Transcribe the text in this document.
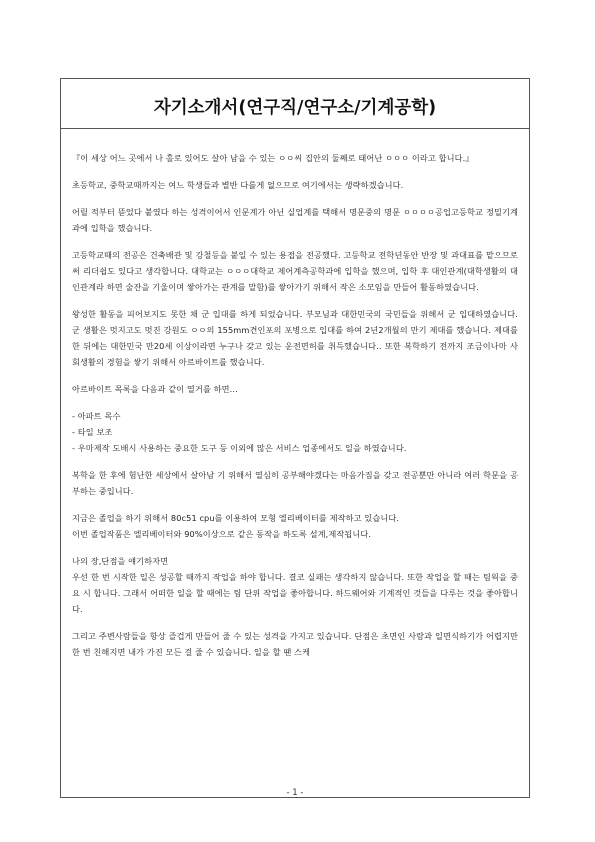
자기소개서(연구직/연구소/기계공학)

『이 세상 어느 곳에서 나 홀로 있어도 살아 남을 수 있는 ㅇㅇ씨 집안의 둘째로 태어난 ㅇㅇㅇ 이라고 합니다.』

초등학교, 중학교때까지는 여느 학생들과 별반 다를게 없으므로 여기에서는 생략하겠습니다.

어릴 적부터 뜯었다 붙였다 하는 성격이어서 인문계가 아닌 실업계를 택해서 명문중의 명문 ㅇㅇㅇㅇ공업고등학교 정밀기계과에 입학을 했습니다.

고등학교때의 전공은 건축배관 및 강철등을 붙일 수 있는 용접을 전공했다. 고등학교 전학년동안 반장 및 과대표를 맡으므로써 리더쉽도 있다고 생각합니다. 대학교는 ㅇㅇㅇ대학교 제어계측공학과에 입학을 했으며, 입학 후 대인관계(대학생활의 대인관계라 하면 술잔을 기울이며 쌓아가는 관계를 말함)를 쌓아가기 위해서 작은 소모임을 만들어 활동하였습니다.

왕성한 활동을 피어보지도 못한 채 군 입대를 하게 되었습니다. 부모님과 대한민국의 국민들을 위해서 군 입대하였습니다. 군 생활은 멋지고도 멋진 강원도 ㅇㅇ의 155mm견인포의 포병으로 입대를 하여 2년2개월의 만기 제대를 했습니다. 제대를 한 뒤에는 대한민국 만20세 이상이라면 누구나 갖고 있는 운전면허를 취득했습니다.. 또한 복학하기 전까지 조금이나마 사회생활의 경험을 쌓기 위해서 아르바이트를 했습니다.

아르바이트 목록을 다음과 같이 열거를 하면...

- 아파트 목수

- 타일 보조

- 우마제작 도배시 사용하는 중요한 도구 등 이외에 많은 서비스 업종에서도 일을 하였습니다.

복학을 한 후에 험난한 세상에서 살아남 기 위해서 열심히 공부해야겠다는 마음가짐을 갖고 전공뿐만 아니라 여러 학문을 공부하는 중입니다.

지금은 졸업을 하기 위해서 80c51 cpu를 이용하여 모형 엘리베이터를 제작하고 있습니다.

이번 졸업작품은 엘리베이터와 90%이상으로 같은 동작을 하도록 설계,제작됩니다.

나의 장,단점을 얘기하자면

우선 한 번 시작한 일은 성공할 때까지 작업을 하야 합니다. 결코 실패는 생각하지 않습니다. 또한 작업을 할 때는 팀웍을 중요 시 합니다. 그래서 어떠한 일을 할 때에는 팀 단위 작업을 좋아합니다. 하드웨어와 기계적인 것들을 다루는 것을 좋아합니다.

그리고 주변사람들을 항상 즐겁게 만들어 줄 수 있는 성격을 가지고 있습니다. 단점은 초면인 사람과 일면식하기가 어렵지만 한 번 친해지면 내가 가진 모든 걸 줄 수 있습니다. 일을 할 땐 스케

- 1 -
